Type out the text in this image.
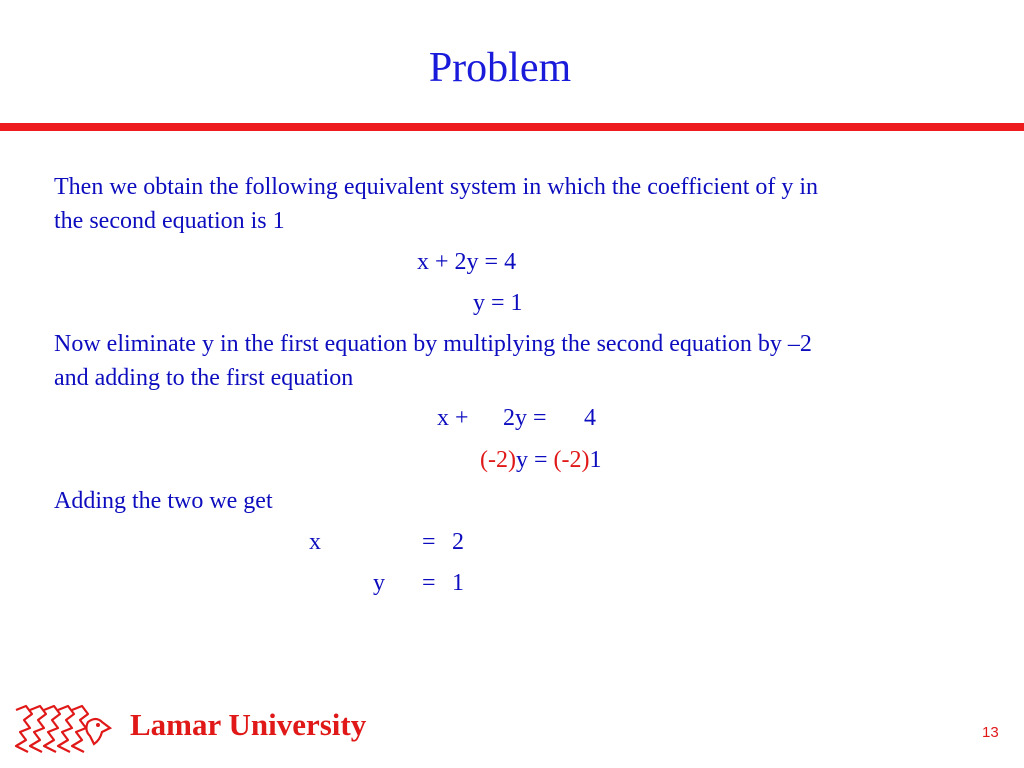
Problem
Then we obtain the following equivalent system in which the coefficient of y in
the second equation is 1
x + 2y = 4
y = 1
Now eliminate y in the first equation by multiplying the second equation by –2
and adding to the first equation
x + 2y = 4
(-2)y = (-2)1
Adding the two we get
x	= 2
y = 1
Lamar University	13
